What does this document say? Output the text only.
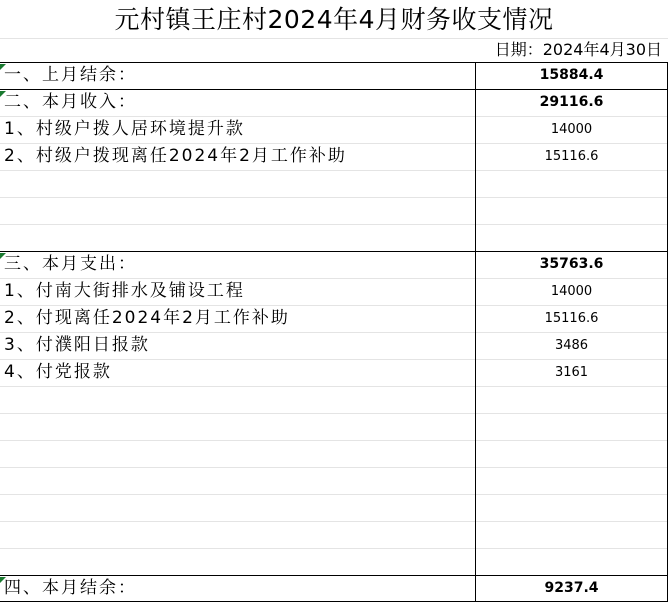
元村镇王庄村2024年4月财务收支情况
日期：2024年4月30日
一、上月结余：	15884.4
二、本月收入：	29116.6
1、村级户拨人居环境提升款	14000
2、村级户拨现离任2024年2月工作补助	15116.6
三、本月支出：	35763.6
1、付南大街排水及铺设工程	14000
2、付现离任2024年2月工作补助	15116.6
3、付濮阳日报款	3486
4、付党报款	3161
四、本月结余：	9237.4
